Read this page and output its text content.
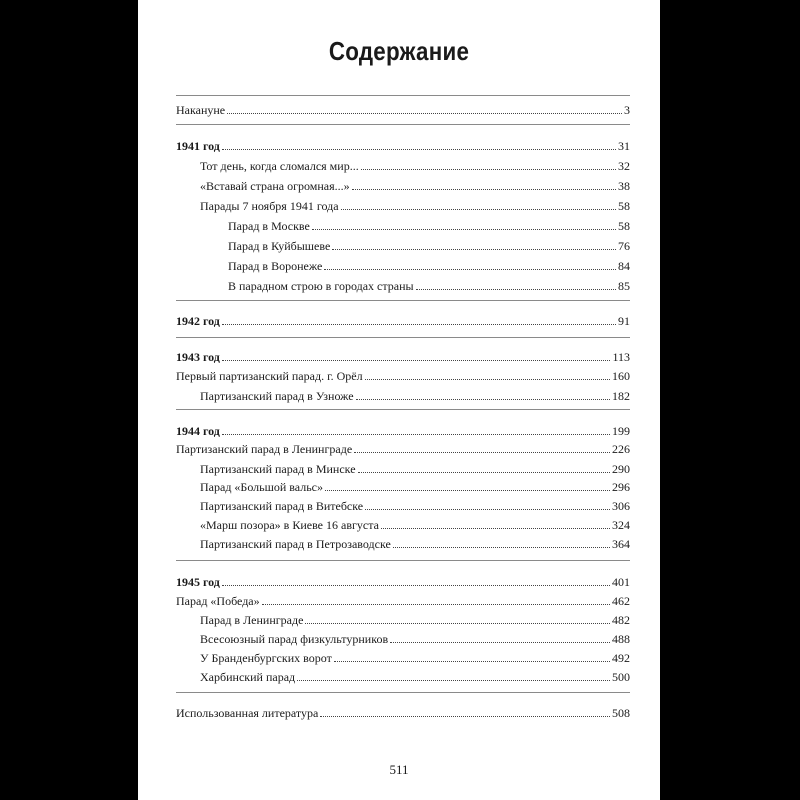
Содержание
Накануне	3
1941 год	31
Тот день, когда сломался мир...	32
«Вставай страна огромная...»	38
Парады 7 ноября 1941 года	58
Парад в Москве	58
Парад в Куйбышеве	76
Парад в Воронеже	84
В парадном строю в городах страны	85
1942 год	91
1943 год	113
Первый партизанский парад. г. Орёл	160
Партизанский парад в Узноже	182
1944 год	199
Партизанский парад в Ленинграде	226
Партизанский парад в Минске	290
Парад «Большой вальс»	296
Партизанский парад в Витебске	306
«Марш позора» в Киеве 16 августа	324
Партизанский парад в Петрозаводске	364
1945 год	401
Парад «Победа»	462
Парад в Ленинграде	482
Всесоюзный парад физкультурников	488
У Бранденбургских ворот	492
Харбинский парад	500
Использованная литература	508
511
